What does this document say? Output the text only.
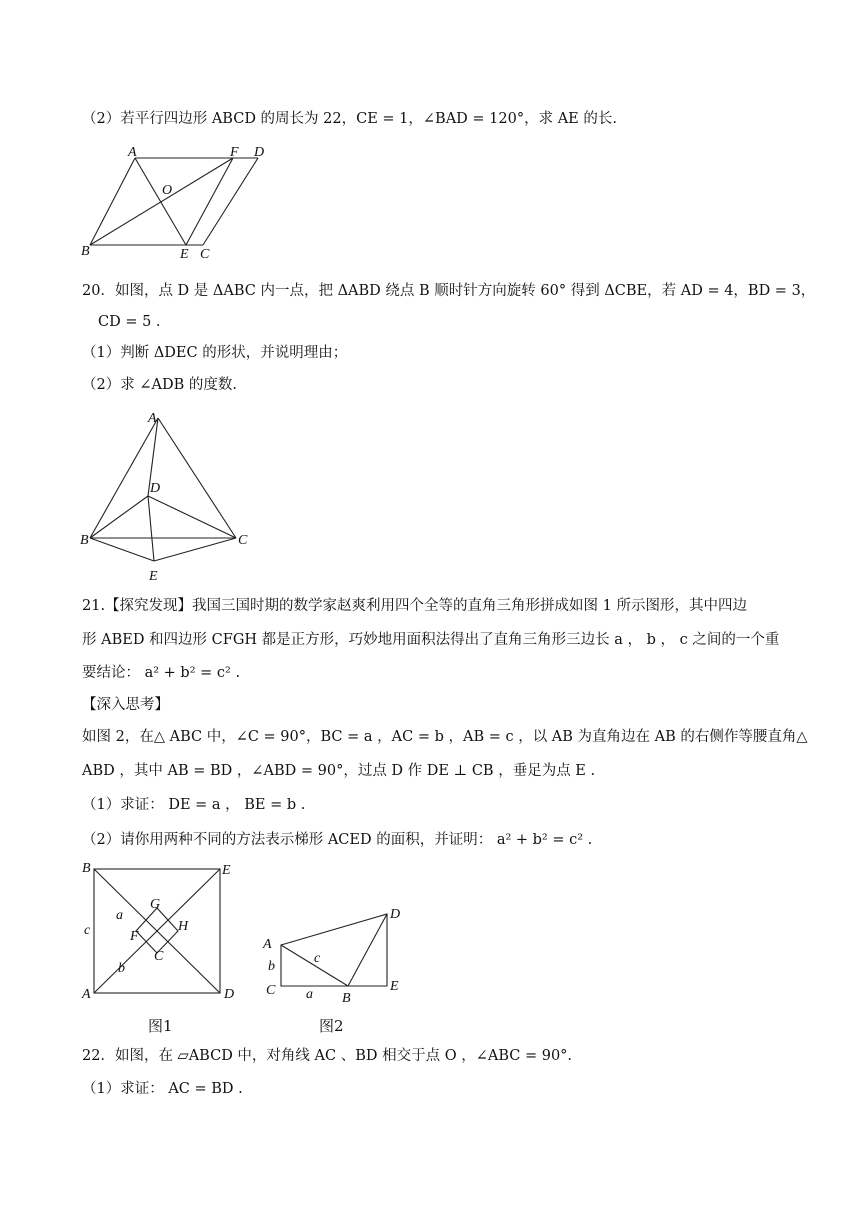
（2）若平行四边形 ABCD 的周长为 22，CE = 1，∠BAD = 120°，求 AE 的长.
A	F D
O
B	E C
20．如图，点 D 是 ΔABC 内一点，把 ΔABD 绕点 B 顺时针方向旋转 60° 得到 ΔCBE，若 AD = 4，BD = 3，
CD = 5 .
（1）判断 ΔDEC 的形状，并说明理由；
（2）求 ∠ADB 的度数.
A
D
B	C
E
21.【探究发现】我国三国时期的数学家赵爽利用四个全等的直角三角形拼成如图 1 所示图形，其中四边
形 ABED 和四边形 CFGH 都是正方形，巧妙地用面积法得出了直角三角形三边长 a ， b ， c 之间的一个重
要结论： a² + b² = c² .
【深入思考】
如图 2，在△ ABC 中，∠C = 90°，BC = a ，AC = b ，AB = c ，以 AB 为直角边在 AB 的右侧作等腰直角△
ABD ，其中 AB = BD ，∠ABD = 90°，过点 D 作 DE ⊥ CB ，垂足为点 E .
（1）求证： DE = a ， BE = b .
（2）请你用两种不同的方法表示梯形 ACED 的面积，并证明： a² + b² = c² .
B	E
G
a
c	F
H
C
b
A	D
D
A
c
b
C a B
E
图1	图2
22．如图，在 ▱ABCD 中，对角线 AC 、BD 相交于点 O ，∠ABC = 90°.
（1）求证： AC = BD .
